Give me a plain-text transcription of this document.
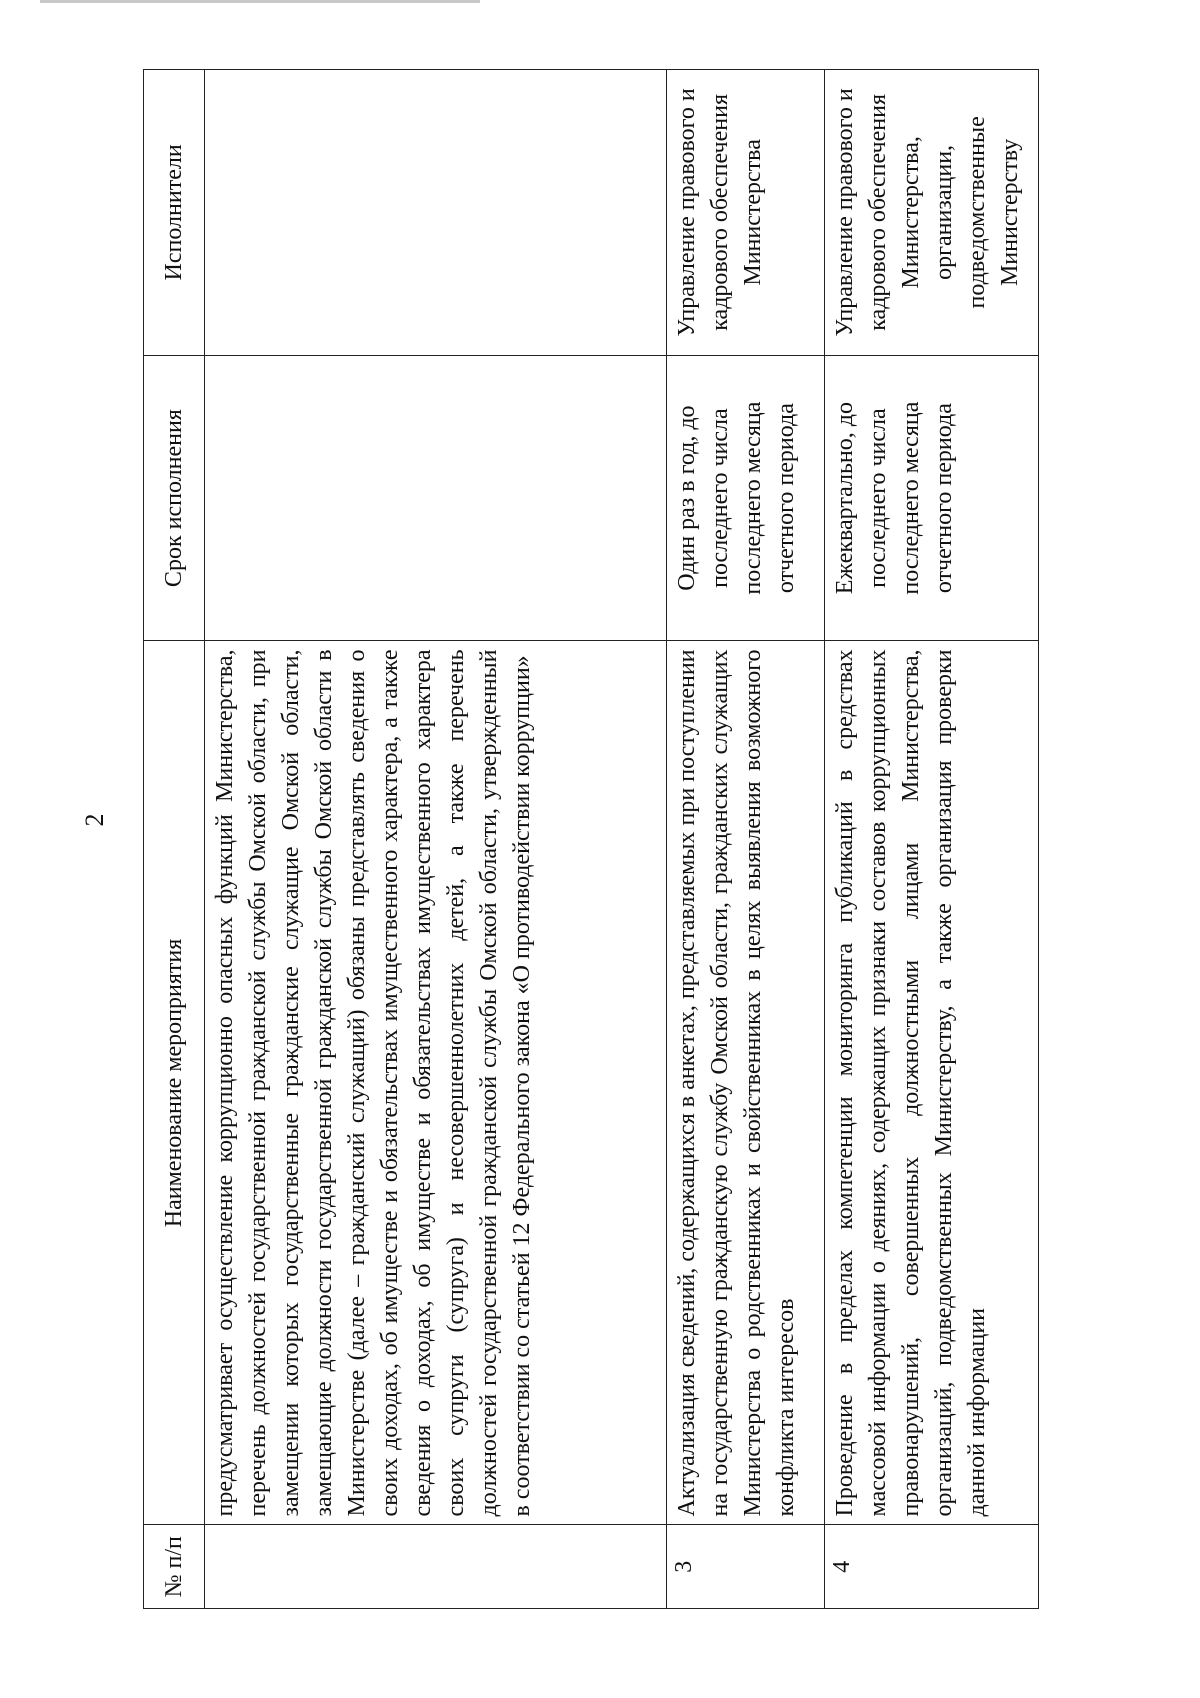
2
№ п/п	Наименование мероприятия	Срок исполнения	Исполнители
	предусматривает осуществление коррупционно опасных функций Министерства, перечень должностей государственной гражданской службы Омской области, при замещении которых государственные гражданские служащие Омской области, замещающие должности государственной гражданской службы Омской области в Министерстве (далее – гражданский служащий) обязаны представлять сведения о своих доходах, об имуществе и обязательствах имущественного характера, а также сведения о доходах, об имуществе и обязательствах имущественного характера своих супруги (супруга) и несовершеннолетних детей, а также перечень должностей государственной гражданской службы Омской области, утвержденный в соответствии со статьей 12 Федерального закона «О противодействии коррупции»		
3	Актуализация сведений, содержащихся в анкетах, представляемых при поступлении на государственную гражданскую службу Омской области, гражданских служащих Министерства о родственниках и свойственниках в целях выявления возможного конфликта интересов	Один раз в год, до последнего числа последнего месяца отчетного периода	Управление правового и кадрового обеспечения Министерства
4	Проведение в пределах компетенции мониторинга публикаций в средствах массовой информации о деяниях, содержащих признаки составов коррупционных правонарушений, совершенных должностными лицами Министерства, организаций, подведомственных Министерству, а также организация проверки данной информации	Ежеквартально, до последнего числа последнего месяца отчетного периода	Управление правового и кадрового обеспечения Министерства, организации, подведомственные Министерству
